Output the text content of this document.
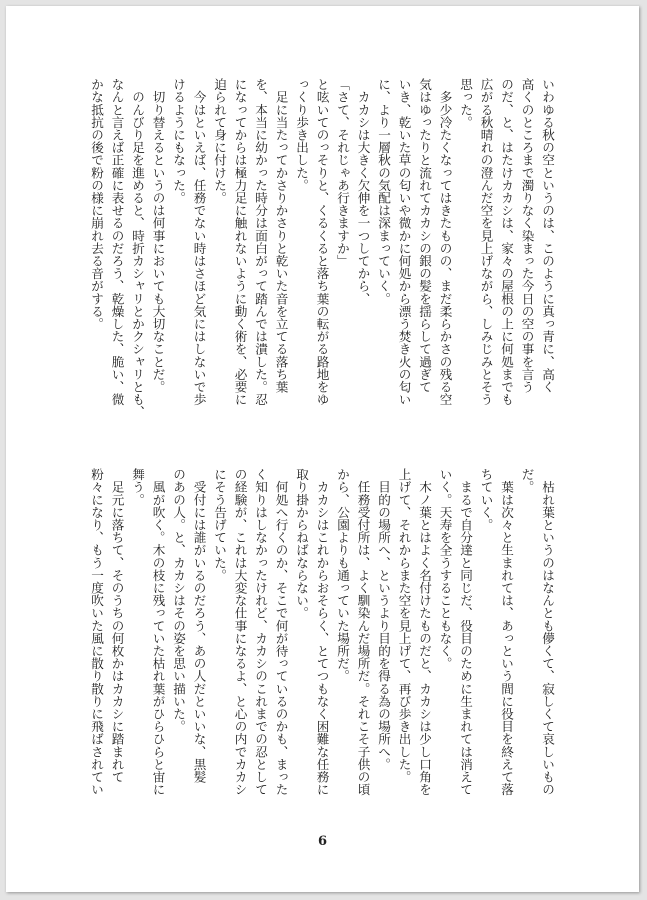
いわゆる秋の空というのは、このように真っ青に、高く

高くのところまで濁りなく染まった今日の空の事を言う

のだ、と、はたけカカシは、家々の屋根の上に何処までも

広がる秋晴れの澄んだ空を見上げながら、しみじみとそう

思った。

　多少冷たくなってはきたものの、まだ柔らかさの残る空

気はゆったりと流れてカカシの銀の髪を揺らして過ぎて

いき、乾いた草の匂いや微かに何処から漂う焚き火の匂い

に、より一層秋の気配は深まっていく。

　カカシは大きく欠伸を一つしてから、

「さて、それじゃあ行きますか」

と呟いてのっそりと、くるくると落ち葉の転がる路地をゆ

っくり歩き出した。

　足に当たってかさりかさりと乾いた音を立てる落ち葉

を、本当に幼かった時分は面白がって踏んでは潰した。忍

になってからは極力足に触れないように動く術を、必要に

迫られて身に付けた。

　今はといえば、任務でない時はさほど気にはしないで歩

けるようにもなった。

　切り替えるというのは何事においても大切なことだ。

　のんびり足を進めると、時折カシャリとかクシャリとも、

なんと言えば正確に表せるのだろう、乾燥した、脆い、微

かな抵抗の後で粉の様に崩れ去る音がする。

　枯れ葉というのはなんとも儚くて、寂しくて哀しいもの

だ。

　葉は次々と生まれては、あっという間に役目を終えて落

ちていく。

　まるで自分達と同じだ、役目のために生まれては消えて

いく。天寿を全うすることもなく。

　木ノ葉とはよく名付けたものだと、カカシは少し口角を

上げて、それからまた空を見上げて、再び歩き出した。

　目的の場所へ、というより目的を得る為の場所へ。

　任務受付所は、よく馴染んだ場所だ。それこそ子供の頃

から、公園よりも通っていた場所だ。

　カカシはこれからおそらく、とてつもなく困難な任務に

取り掛からねばならない。

　何処へ行くのか、そこで何が待っているのかも、まった

く知りはしなかったけれど、カカシのこれまでの忍として

の経験が、これは大変な仕事になるよ、と心の内でカカシ

にそう告げていた。

　受付には誰がいるのだろう、あの人だといいな、黒髪

のあの人。と、カカシはその姿を思い描いた。

　風が吹く。木の枝に残っていた枯れ葉がひらひらと宙に

舞う。

　足元に落ちて、そのうちの何枚かはカカシに踏まれて

粉々になり、もう一度吹いた風に散り散りに飛ばされてい

6
